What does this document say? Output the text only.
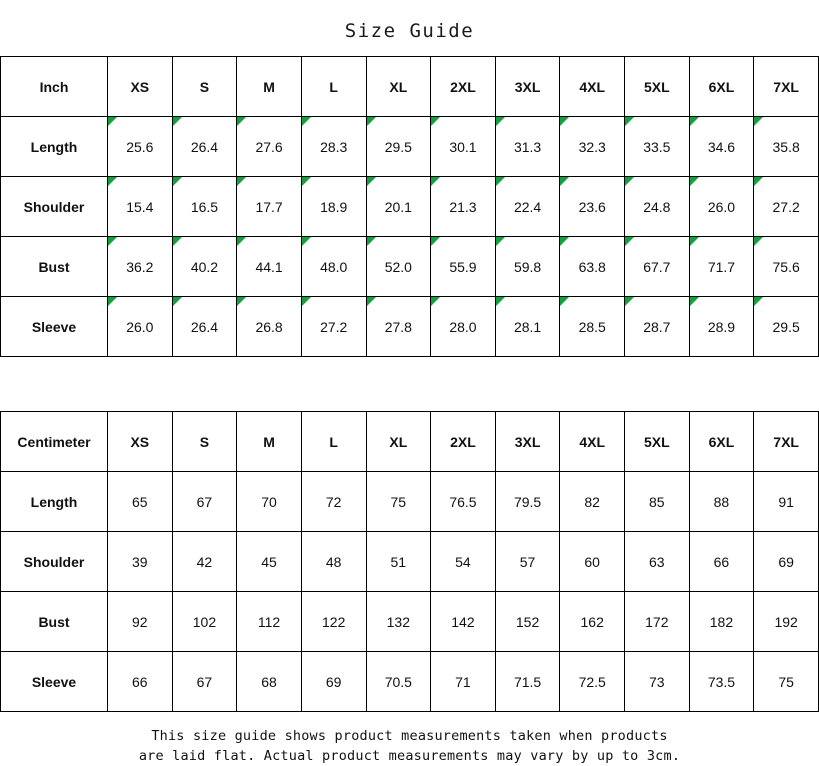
Size Guide
Inch	XS	S	M	L	XL	2XL	3XL	4XL	5XL	6XL	7XL
Length	25.6	26.4	27.6	28.3	29.5	30.1	31.3	32.3	33.5	34.6	35.8
Shoulder	15.4	16.5	17.7	18.9	20.1	21.3	22.4	23.6	24.8	26.0	27.2
Bust	36.2	40.2	44.1	48.0	52.0	55.9	59.8	63.8	67.7	71.7	75.6
Sleeve	26.0	26.4	26.8	27.2	27.8	28.0	28.1	28.5	28.7	28.9	29.5
Centimeter	XS	S	M	L	XL	2XL	3XL	4XL	5XL	6XL	7XL
Length	65	67	70	72	75	76.5	79.5	82	85	88	91
Shoulder	39	42	45	48	51	54	57	60	63	66	69
Bust	92	102	112	122	132	142	152	162	172	182	192
Sleeve	66	67	68	69	70.5	71	71.5	72.5	73	73.5	75
This size guide shows product measurements taken when products
are laid flat. Actual product measurements may vary by up to 3cm.
